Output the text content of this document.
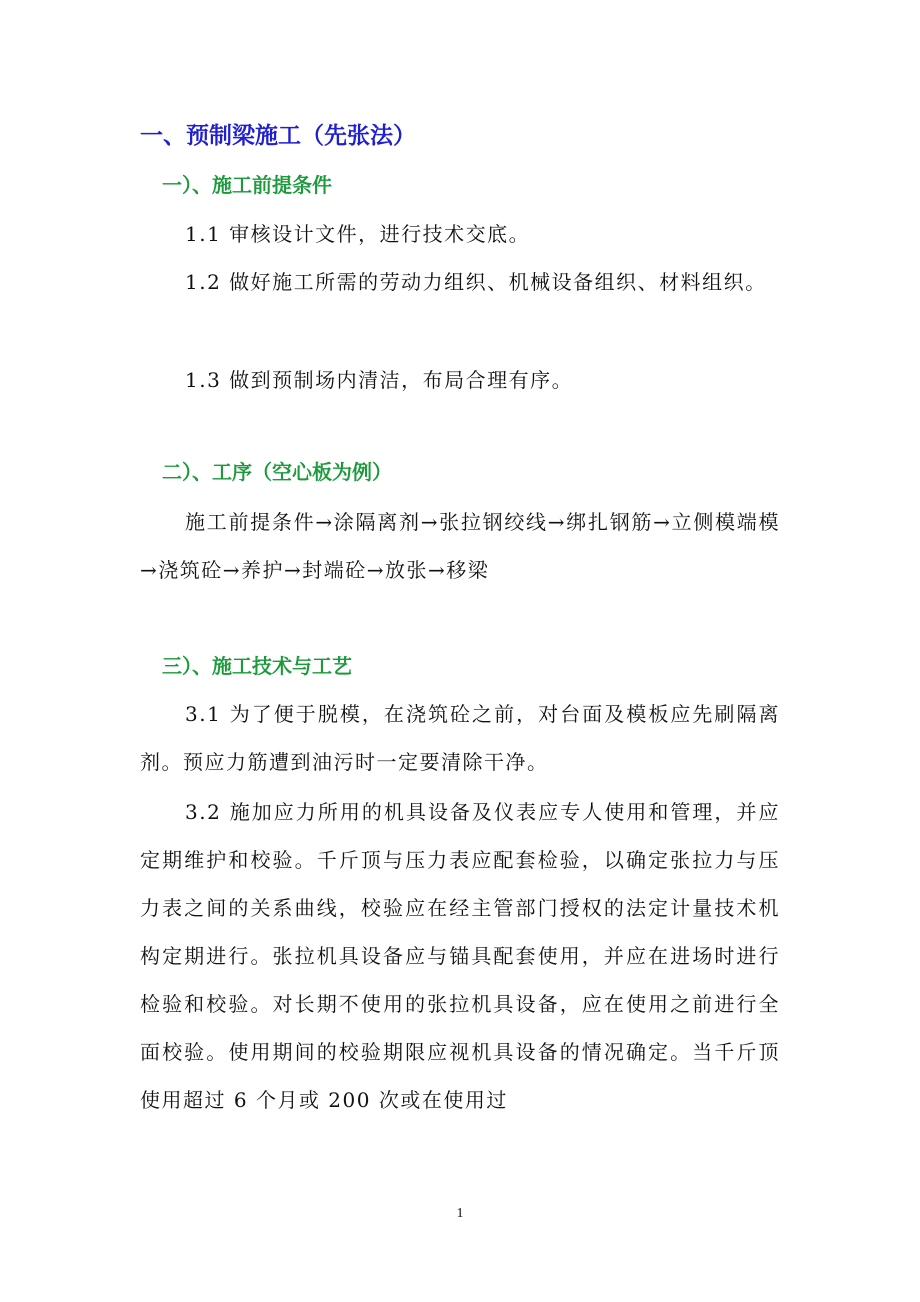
一、预制梁施工（先张法）
一）、施工前提条件

1.1 审核设计文件，进行技术交底。

1.2 做好施工所需的劳动力组织、机械设备组织、材料组织。

1.3 做到预制场内清洁，布局合理有序。

二）、工序（空心板为例）

施工前提条件→涂隔离剂→张拉钢绞线→绑扎钢筋→立侧模端模→浇筑砼→养护→封端砼→放张→移梁

三）、施工技术与工艺

3.1 为了便于脱模，在浇筑砼之前，对台面及模板应先刷隔离剂。预应力筋遭到油污时一定要清除干净。

3.2 施加应力所用的机具设备及仪表应专人使用和管理，并应定期维护和校验。千斤顶与压力表应配套检验，以确定张拉力与压力表之间的关系曲线，校验应在经主管部门授权的法定计量技术机构定期进行。张拉机具设备应与锚具配套使用，并应在进场时进行检验和校验。对长期不使用的张拉机具设备，应在使用之前进行全面校验。使用期间的校验期限应视机具设备的情况确定。当千斤顶使用超过 6 个月或 200 次或在使用过

1
